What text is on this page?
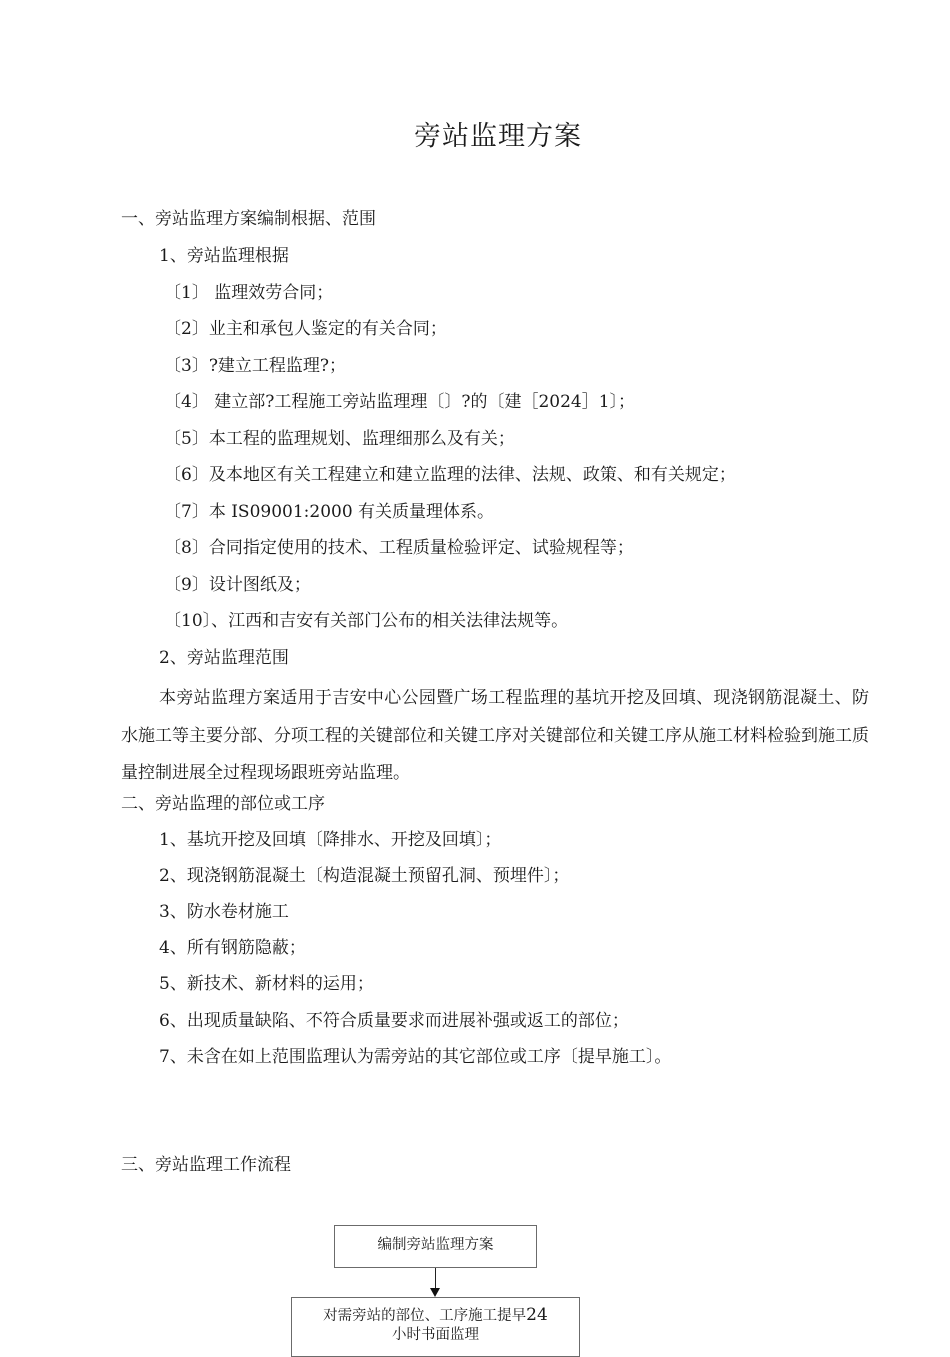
旁站监理方案
一、旁站监理方案编制根据、范围
1、旁站监理根据
〔1〕 监理效劳合同；
〔2〕业主和承包人鉴定的有关合同；
〔3〕?建立工程监理?；
〔4〕 建立部?工程施工旁站监理理〔〕?的〔建［2024］1〕；
〔5〕本工程的监理规划、监理细那么及有关；
〔6〕及本地区有关工程建立和建立监理的法律、法规、政策、和有关规定；
〔7〕本 IS09001:2000 有关质量理体系。
〔8〕合同指定使用的技术、工程质量检验评定、试验规程等；
〔9〕设计图纸及；
〔10〕、江西和吉安有关部门公布的相关法律法规等。
2、旁站监理范围
本旁站监理方案适用于吉安中心公园暨广场工程监理的基坑开挖及回填、现浇钢筋混凝土、防水施工等主要分部、分项工程的关键部位和关键工序对关键部位和关键工序从施工材料检验到施工质量控制进展全过程现场跟班旁站监理。
二、旁站监理的部位或工序
1、基坑开挖及回填〔降排水、开挖及回填〕；
2、现浇钢筋混凝土〔构造混凝土预留孔洞、预埋件〕；
3、防水卷材施工
4、所有钢筋隐蔽；
5、新技术、新材料的运用；
6、出现质量缺陷、不符合质量要求而进展补强或返工的部位；
7、未含在如上范围监理认为需旁站的其它部位或工序〔提早施工〕。
三、旁站监理工作流程
编制旁站监理方案
对需旁站的部位、工序施工提早24
小时书面监理
